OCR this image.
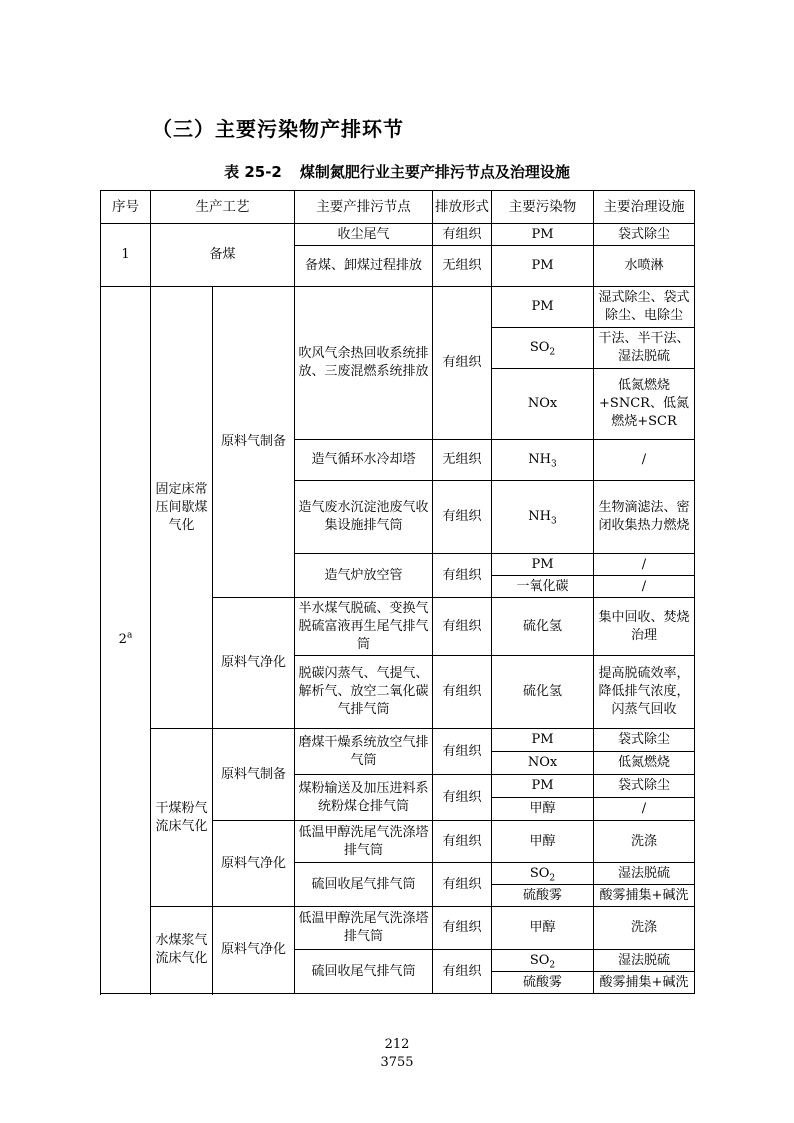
（三）主要污染物产排环节
表 25-2 煤制氮肥行业主要产排污节点及治理设施
序号	生产工艺		主要产排污节点	排放形式	主要污染物	主要治理设施
1	备煤		收尘尾气	有组织	PM	袋式除尘
			备煤、卸煤过程排放	无组织	PM	水喷淋
2$^a$	固定床常压间歇煤气化	原料气制备	吹风气余热回收系统排放、三废混燃系统排放	有组织	PM	湿式除尘、袋式除尘、电除尘
					$SO_2$	干法、半干法、湿法脱硫
					NOx	低氮燃烧+SNCR、低氮燃烧+SCR
			造气循环水冷却塔	无组织	$NH_3$	/

			造气废水沉淀池废气收集设施排气筒	有组织	$NH_3$	生物滴滤法、密闭收集热力燃烧

			造气炉放空管	有组织	PM	/
					一氧化碳	/
		原料气净化	半水煤气脱硫、变换气脱硫富液再生尾气排气筒	有组织	硫化氢	集中回收、焚烧治理

			脱碳闪蒸气、气提气、解析气、放空二氧化碳气排气筒	有组织	硫化氢	提高脱硫效率，降低排气浓度，闪蒸气回收

	干煤粉气流床气化	原料气制备	磨煤干燥系统放空气排气筒	有组织	PM	袋式除尘
					NOx	低氮燃烧
			煤粉输送及加压进料系统粉煤仓排气筒	有组织	PM	袋式除尘
					甲醇	/
		原料气净化	低温甲醇洗尾气洗涤塔排气筒	有组织	甲醇	洗涤

			硫回收尾气排气筒	有组织	$SO_2$	湿法脱硫
					硫酸雾	酸雾捕集+碱洗

	水煤浆气流床气化	原料气净化	低温甲醇洗尾气洗涤塔排气筒	有组织	甲醇	洗涤
			硫回收尾气排气筒	有组织	$SO_2$	湿法脱硫
					硫酸雾	酸雾捕集+碱洗

212
3755
